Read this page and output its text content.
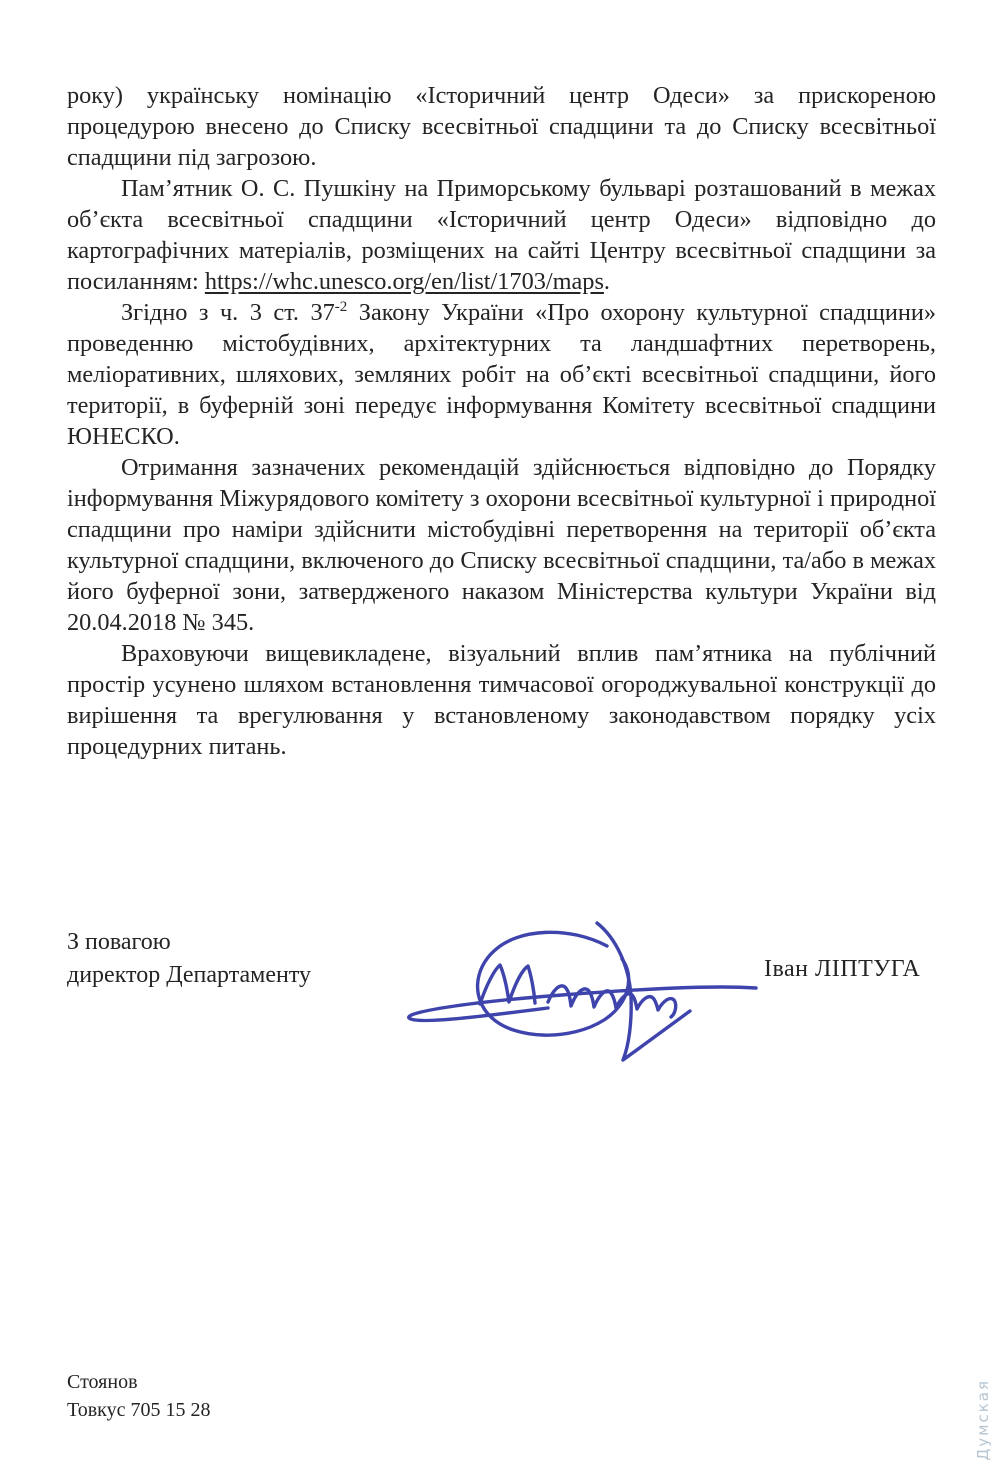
року) українську номінацію «Історичний центр Одеси» за прискореною процедурою внесено до Списку всесвітньої спадщини та до Списку всесвітньої спадщини під загрозою.

Пам’ятник О. С. Пушкіну на Приморському бульварі розташований в межах об’єкта всесвітньої спадщини «Історичний центр Одеси» відповідно до картографічних матеріалів, розміщених на сайті Центру всесвітньої спадщини за посиланням: https://whc.unesco.org/en/list/1703/maps.

Згідно з ч. 3 ст. $37^{-2}$ Закону України «Про охорону культурної спадщини» проведенню містобудівних, архітектурних та ландшафтних перетворень, меліоративних, шляхових, земляних робіт на об’єкті всесвітньої спадщини, його території, в буферній зоні передує інформування Комітету всесвітньої спадщини ЮНЕСКО.

Отримання зазначених рекомендацій здійснюється відповідно до Порядку інформування Міжурядового комітету з охорони всесвітньої культурної і природної спадщини про наміри здійснити містобудівні перетворення на території об’єкта культурної спадщини, включеного до Списку всесвітньої спадщини, та/або в межах його буферної зони, затвердженого наказом Міністерства культури України від 20.04.2018 № 345.

Враховуючи вищевикладене, візуальний вплив пам’ятника на публічний простір усунено шляхом встановлення тимчасової огороджувальної конструкції до вирішення та врегулювання у встановленому законодавством порядку усіх процедурних питань.

З повагою
директор Департаменту	Іван ЛІПТУГА
Стоянов
Товкус 705 15 28	Думская
